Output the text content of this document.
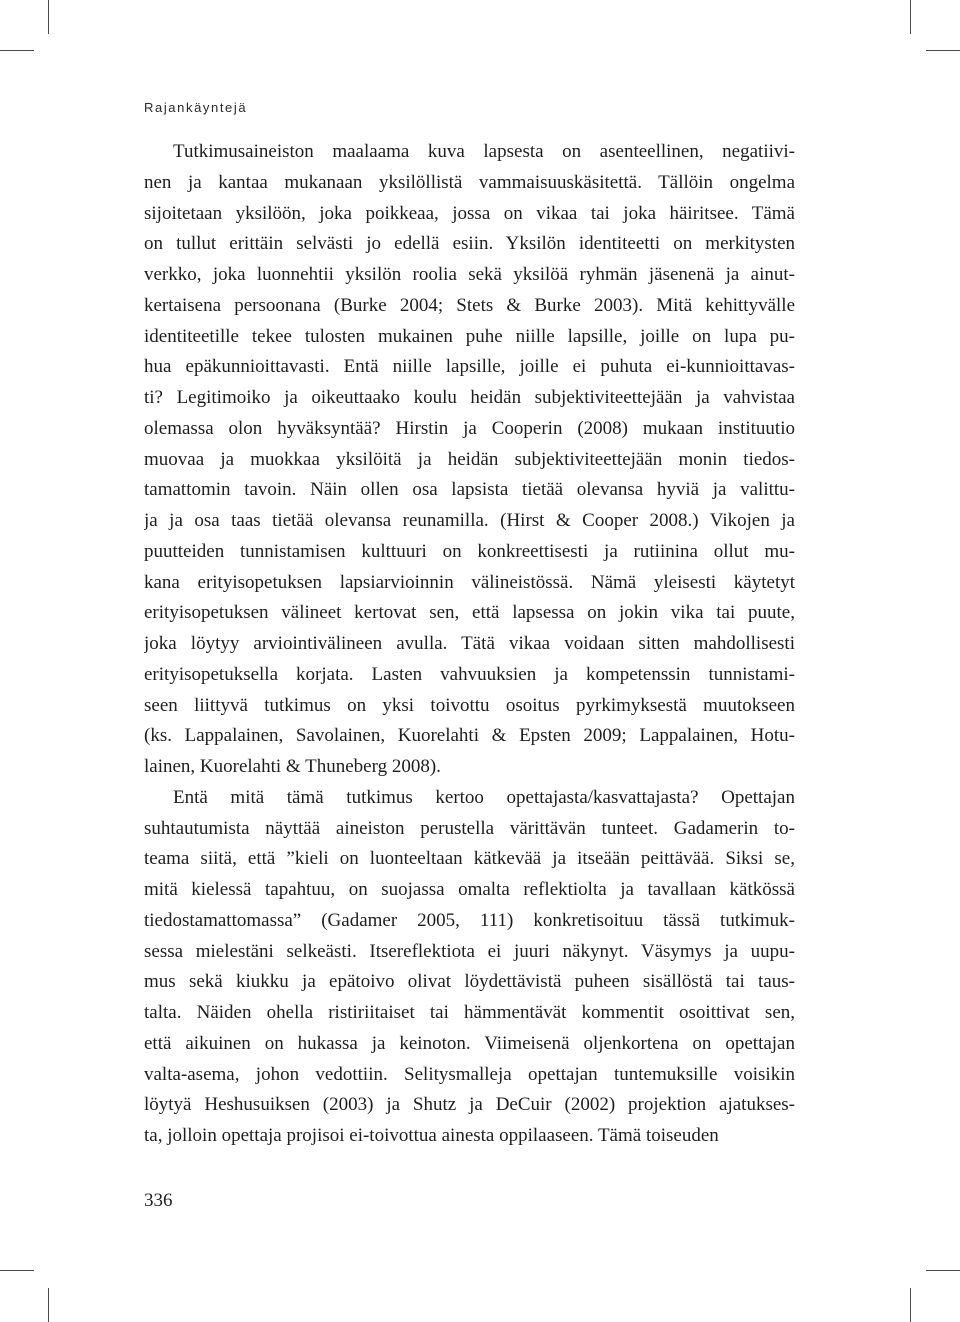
Rajankäyntejä

Tutkimusaineiston maalaama kuva lapsesta on asenteellinen, negatiivi-
nen ja kantaa mukanaan yksilöllistä vammaisuuskäsitettä. Tällöin ongelma
sijoitetaan yksilöön, joka poikkeaa, jossa on vikaa tai joka häiritsee. Tämä
on tullut erittäin selvästi jo edellä esiin. Yksilön identiteetti on merkitysten
verkko, joka luonnehtii yksilön roolia sekä yksilöä ryhmän jäsenenä ja ainut-
kertaisena persoonana (Burke 2004; Stets & Burke 2003). Mitä kehittyvälle
identiteetille tekee tulosten mukainen puhe niille lapsille, joille on lupa pu-
hua epäkunnioittavasti. Entä niille lapsille, joille ei puhuta ei-kunnioittavas-
ti? Legitimoiko ja oikeuttaako koulu heidän subjektiviteettejään ja vahvistaa
olemassa olon hyväksyntää? Hirstin ja Cooperin (2008) mukaan instituutio
muovaa ja muokkaa yksilöitä ja heidän subjektiviteettejään monin tiedos-
tamattomin tavoin. Näin ollen osa lapsista tietää olevansa hyviä ja valittu-
ja ja osa taas tietää olevansa reunamilla. (Hirst & Cooper 2008.) Vikojen ja
puutteiden tunnistamisen kulttuuri on konkreettisesti ja rutiinina ollut mu-
kana erityisopetuksen lapsiarvioinnin välineistössä. Nämä yleisesti käytetyt
erityisopetuksen välineet kertovat sen, että lapsessa on jokin vika tai puute,
joka löytyy arviointivälineen avulla. Tätä vikaa voidaan sitten mahdollisesti
erityisopetuksella korjata. Lasten vahvuuksien ja kompetenssin tunnistami-
seen liittyvä tutkimus on yksi toivottu osoitus pyrkimyksestä muutokseen
(ks. Lappalainen, Savolainen, Kuorelahti & Epsten 2009; Lappalainen, Hotu-
lainen, Kuorelahti & Thuneberg 2008).
Entä mitä tämä tutkimus kertoo opettajasta/kasvattajasta? Opettajan
suhtautumista näyttää aineiston perustella värittävän tunteet. Gadamerin to-
teama siitä, että ”kieli on luonteeltaan kätkevää ja itseään peittävää. Siksi se,
mitä kielessä tapahtuu, on suojassa omalta reflektiolta ja tavallaan kätkössä
tiedostamattomassa” (Gadamer 2005, 111) konkretisoituu tässä tutkimuk-
sessa mielestäni selkeästi. Itsereflektiota ei juuri näkynyt. Väsymys ja uupu-
mus sekä kiukku ja epätoivo olivat löydettävistä puheen sisällöstä tai taus-
talta. Näiden ohella ristiriitaiset tai hämmentävät kommentit osoittivat sen,
että aikuinen on hukassa ja keinoton. Viimeisenä oljenkortena on opettajan
valta-asema, johon vedottiin. Selitysmalleja opettajan tuntemuksille voisikin
löytyä Heshusuiksen (2003) ja Shutz ja DeCuir (2002) projektion ajatukses-
ta, jolloin opettaja projisoi ei-toivottua ainesta oppilaaseen. Tämä toiseuden

336
